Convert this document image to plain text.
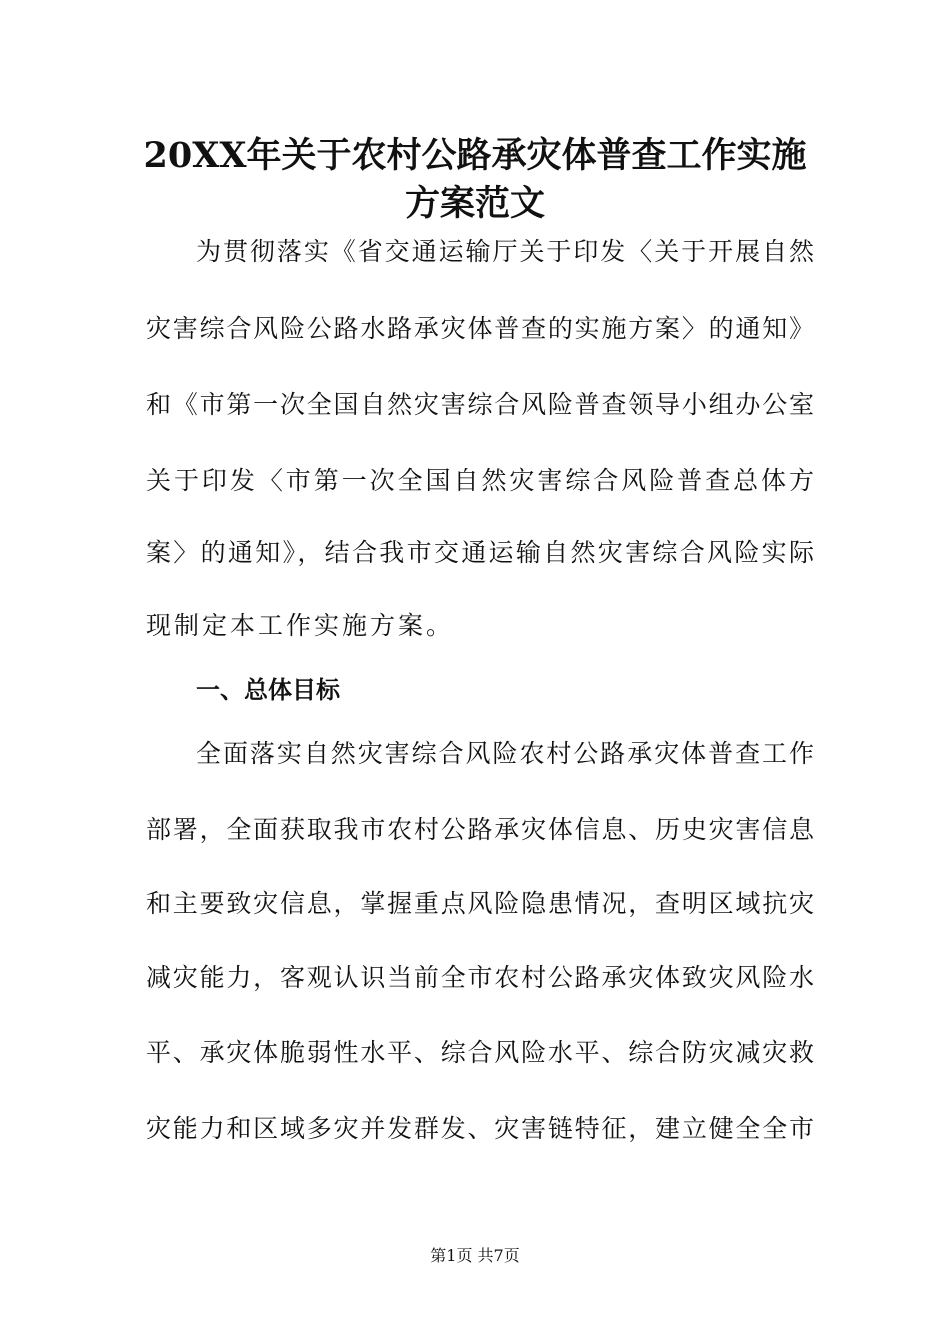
20XX年关于农村公路承灾体普查工作实施
方案范文
为贯彻落实《省交通运输厅关于印发〈关于开展自然
灾害综合风险公路水路承灾体普查的实施方案〉的通知》
和《市第一次全国自然灾害综合风险普查领导小组办公室
关于印发〈市第一次全国自然灾害综合风险普查总体方
案〉的通知》，结合我市交通运输自然灾害综合风险实际
现制定本工作实施方案。
一、总体目标
全面落实自然灾害综合风险农村公路承灾体普查工作
部署，全面获取我市农村公路承灾体信息、历史灾害信息
和主要致灾信息，掌握重点风险隐患情况，查明区域抗灾
减灾能力，客观认识当前全市农村公路承灾体致灾风险水
平、承灾体脆弱性水平、综合风险水平、综合防灾减灾救
灾能力和区域多灾并发群发、灾害链特征，建立健全全市
第1页 共7页
